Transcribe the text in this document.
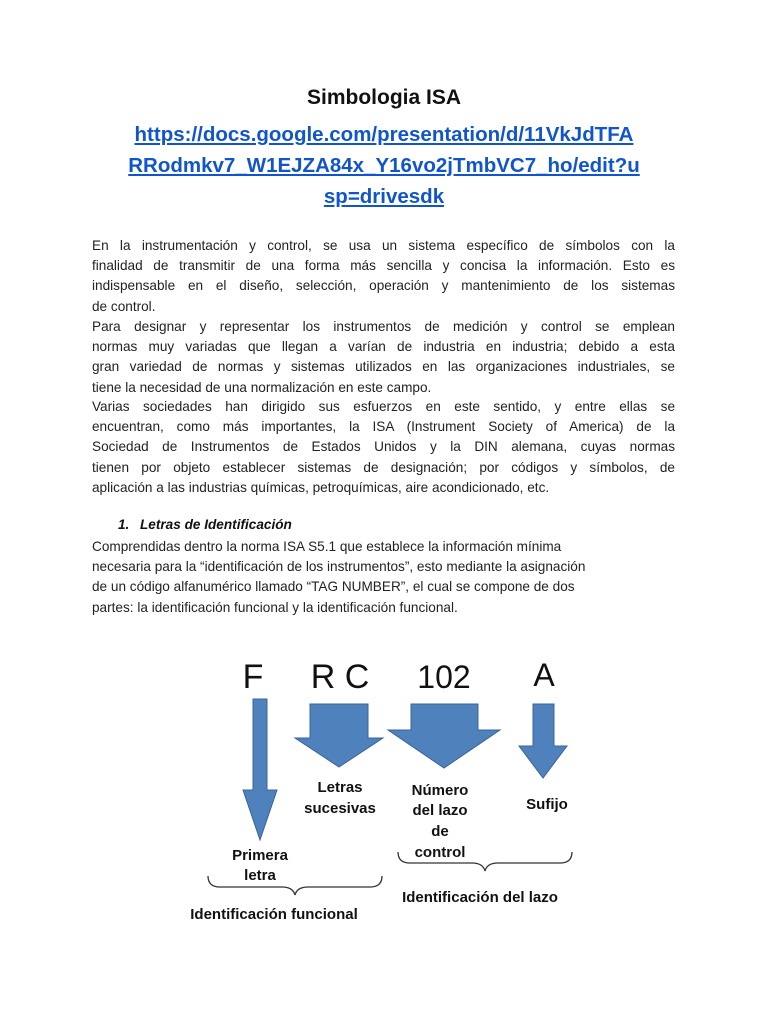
Simbologia ISA
https://docs.google.com/presentation/d/11VkJdTFA
RRodmkv7_W1EJZA84x_Y16vo2jTmbVC7_ho/edit?u
sp=drivesdk
En la instrumentación y control, se usa un sistema específico de símbolos con la
finalidad de transmitir de una forma más sencilla y concisa la información. Esto es
indispensable en el diseño, selección, operación y mantenimiento de los sistemas
de control.
Para designar y representar los instrumentos de medición y control se emplean
normas muy variadas que llegan a varían de industria en industria; debido a esta
gran variedad de normas y sistemas utilizados en las organizaciones industriales, se
tiene la necesidad de una normalización en este campo.
Varias sociedades han dirigido sus esfuerzos en este sentido, y entre ellas se
encuentran, como más importantes, la ISA (Instrument Society of America) de la
Sociedad de Instrumentos de Estados Unidos y la DIN alemana, cuyas normas
tienen por objeto establecer sistemas de designación; por códigos y símbolos, de
aplicación a las industrias químicas, petroquímicas, aire acondicionado, etc.
1. Letras de Identificación
Comprendidas dentro la norma ISA S5.1 que establece la información mínima
necesaria para la “identificación de los instrumentos”, esto mediante la asignación
de un código alfanumérico llamado “TAG NUMBER”, el cual se compone de dos
partes: la identificación funcional y la identificación funcional.
F R C 102 A
Primera
letra
Letras
sucesivas
Número
del lazo
de
control
Sufijo
Identificación funcional
Identificación del lazo
